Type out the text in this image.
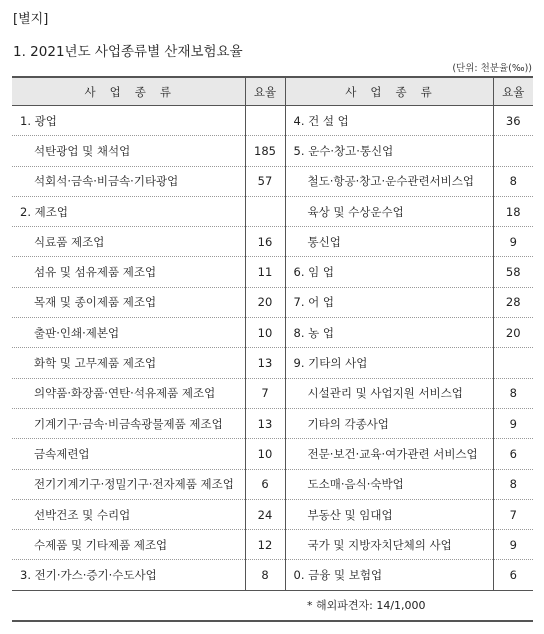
[별지]
1. 2021년도 사업종류별 산재보험요율
(단위: 천분율(‰))
사업종류	요율	사업종류	요율
1. 광업		4. 건 설 업	36
석탄광업 및 채석업	185	5. 운수·창고·통신업	
석회석·금속·비금속·기타광업	57	철도·항공·창고·운수관련서비스업	8
2. 제조업		육상 및 수상운수업	18
식료품 제조업	16	통신업	9
섬유 및 섬유제품 제조업	11	6. 임 업	58
목재 및 종이제품 제조업	20	7. 어 업	28
출판·인쇄·제본업	10	8. 농 업	20
화학 및 고무제품 제조업	13	9. 기타의 사업	
의약품·화장품·연탄·석유제품 제조업	7	시설관리 및 사업지원 서비스업	8
기계기구·금속·비금속광물제품 제조업	13	기타의 각종사업	9
금속제련업	10	전문·보건·교육·여가관련 서비스업	6
전기기계기구·정밀기구·전자제품 제조업	6	도소매·음식·숙박업	8
선박건조 및 수리업	24	부동산 및 임대업	7
수제품 및 기타제품 제조업	12	국가 및 지방자치단체의 사업	9
3. 전기·가스·증기·수도사업	8	0. 금융 및 보험업	6
		* 해외파견자: 14/1,000	
